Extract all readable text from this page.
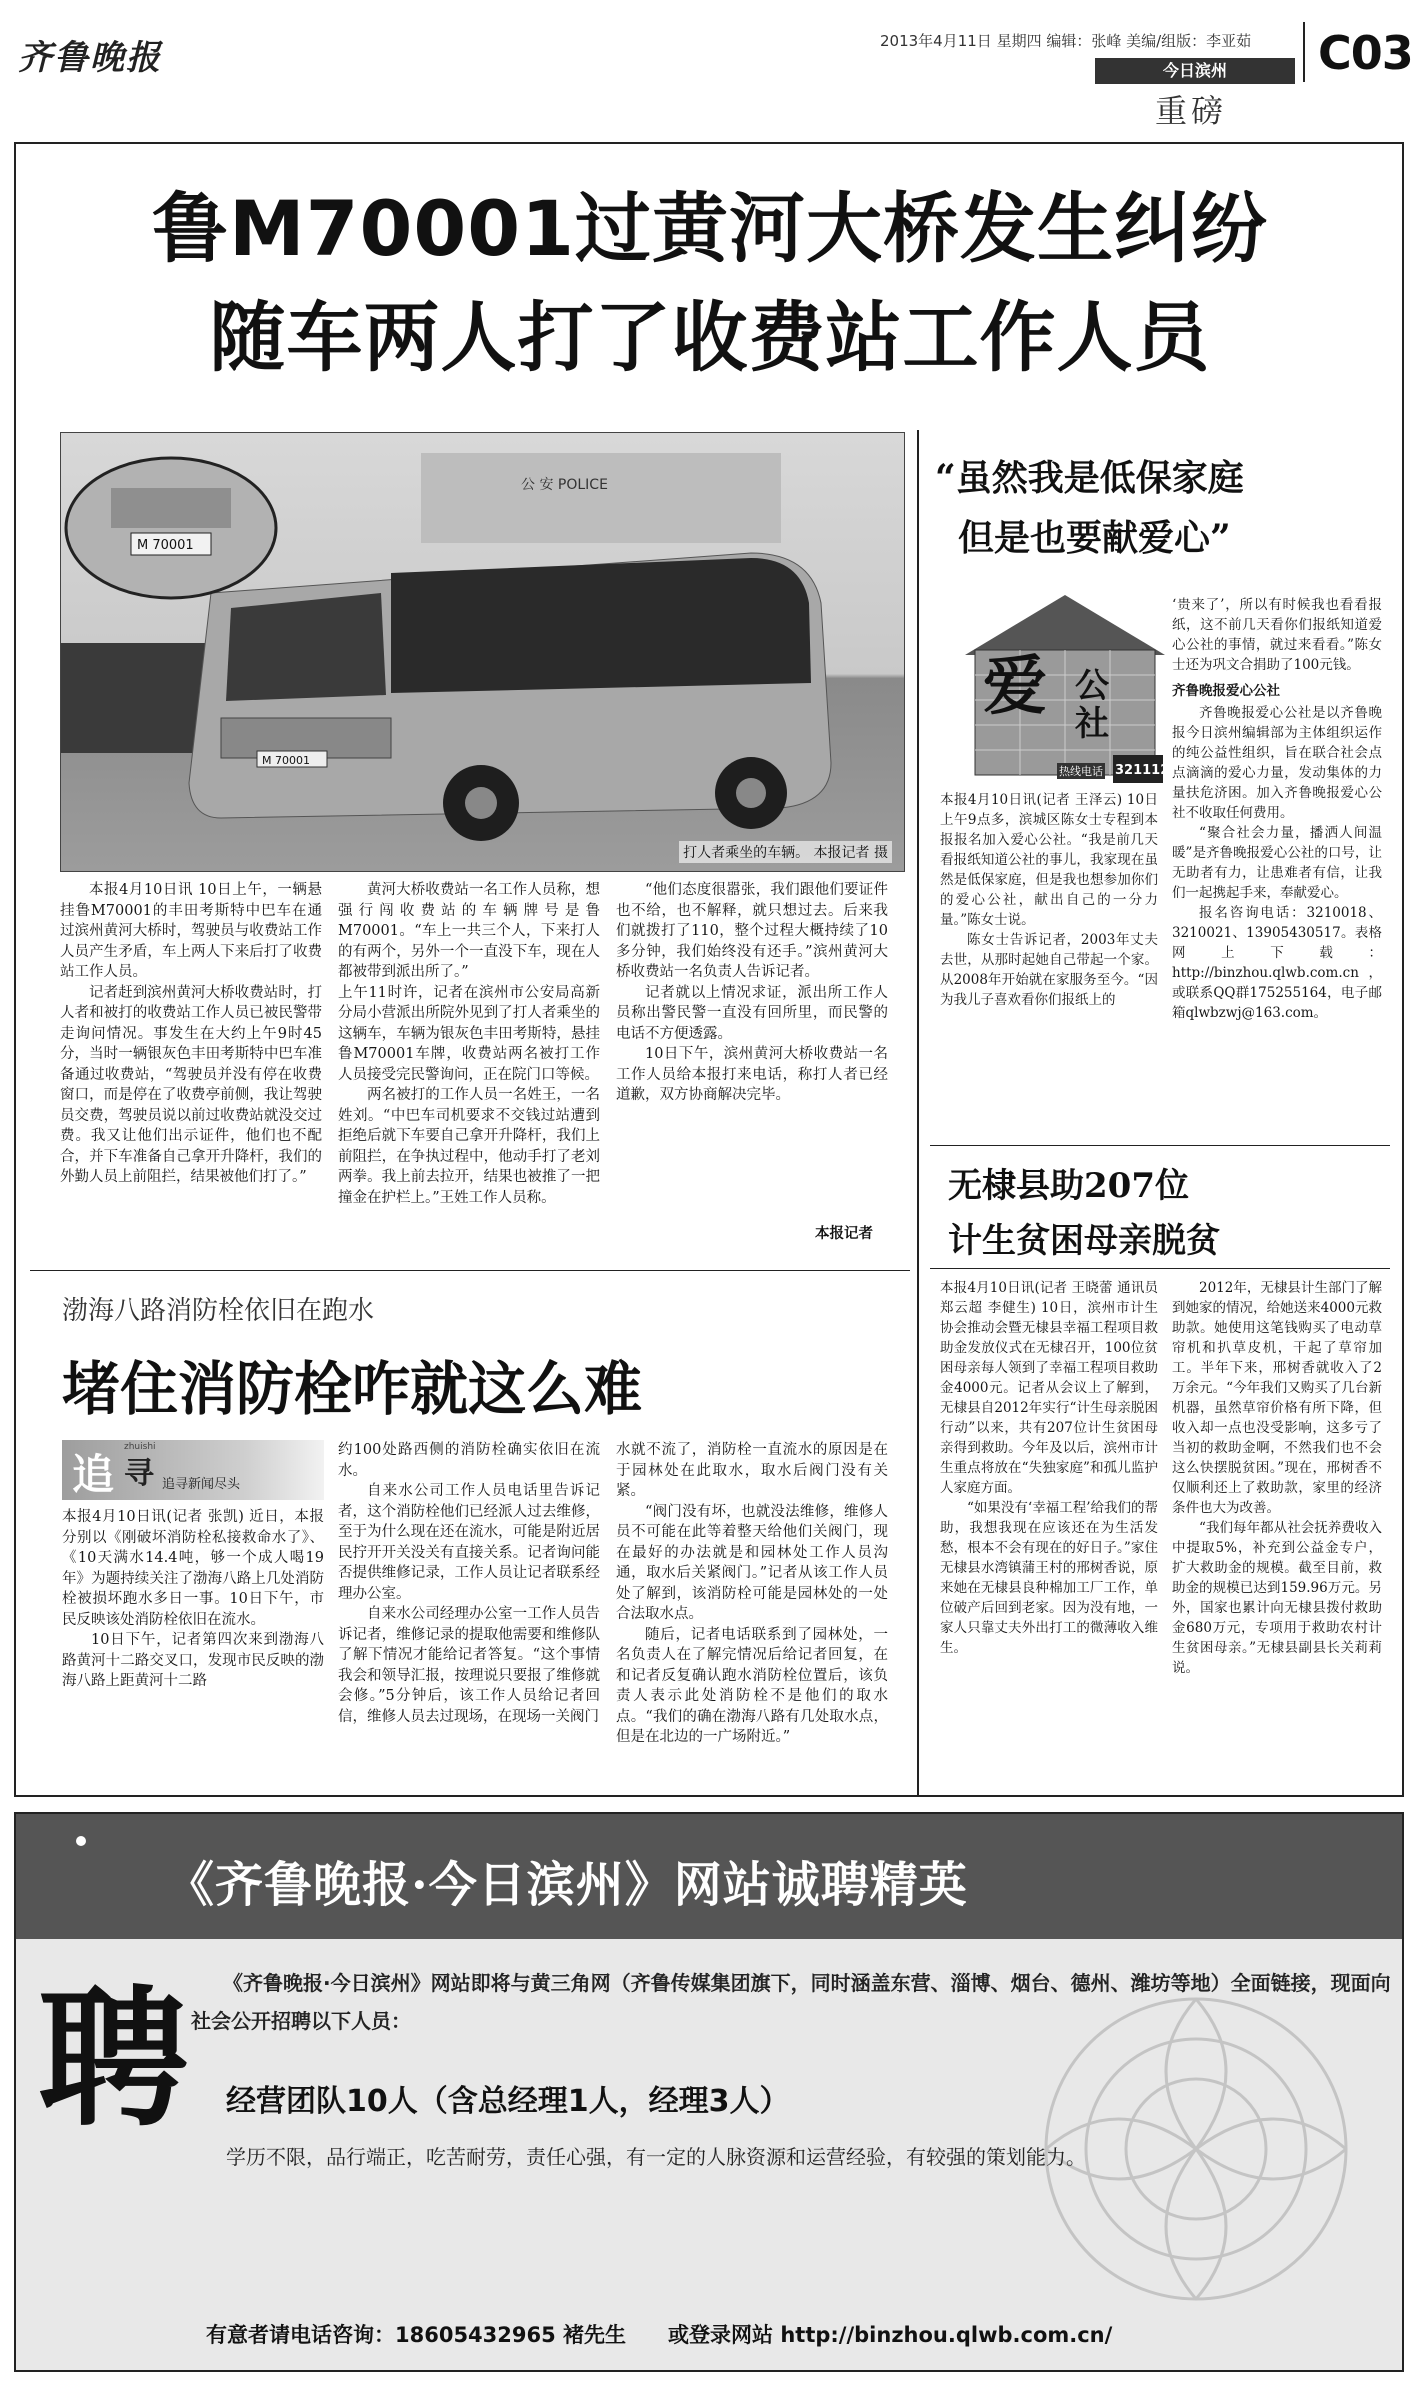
齐鲁晚报	2013年4月11日 星期四 编辑：张峰 美编/组版：李亚茹
今日滨州
重磅
C03
鲁M70001过黄河大桥发生纠纷
随车两人打了收费站工作人员
公 安 POLICE
M 70001
M 70001
打人者乘坐的车辆。 本报记者 摄

本报4月10日讯 10日上午，一辆悬挂鲁M70001的丰田考斯特中巴车在通过滨州黄河大桥时，驾驶员与收费站工作人员产生矛盾，车上两人下来后打了收费站工作人员。

记者赶到滨州黄河大桥收费站时，打人者和被打的收费站工作人员已被民警带走询问情况。事发生在大约上午9时45分，当时一辆银灰色丰田考斯特中巴车准备通过收费站，“驾驶员并没有停在收费窗口，而是停在了收费亭前侧，我让驾驶员交费，驾驶员说以前过收费站就没交过费。我又让他们出示证件，他们也不配合，并下车准备自己拿开升降杆，我们的外勤人员上前阻拦，结果被他们打了。”

黄河大桥收费站一名工作人员称，想强行闯收费站的车辆牌号是鲁M70001。“车上一共三个人，下来打人的有两个，另外一个一直没下车，现在人都被带到派出所了。”

上午11时许，记者在滨州市公安局高新分局小营派出所院外见到了打人者乘坐的这辆车，车辆为银灰色丰田考斯特，悬挂鲁M70001车牌，收费站两名被打工作人员接受完民警询问，正在院门口等候。

两名被打的工作人员一名姓王，一名姓刘。“中巴车司机要求不交钱过站遭到拒绝后就下车要自己拿开升降杆，我们上前阻拦，在争执过程中，他动手打了老刘两拳。我上前去拉开，结果也被推了一把撞金在护栏上。”王姓工作人员称。

“他们态度很嚣张，我们跟他们要证件也不给，也不解释，就只想过去。后来我们就拨打了110，整个过程大概持续了10多分钟，我们始终没有还手。”滨州黄河大桥收费站一名负责人告诉记者。

记者就以上情况求证，派出所工作人员称出警民警一直没有回所里，而民警的电话不方便透露。

10日下午，滨州黄河大桥收费站一名工作人员给本报打来电话，称打人者已经道歉，双方协商解决完毕。

本报记者
“虽然我是低保家庭
但是也要献爱心”
爱 公社
热线电话 3211123

本报4月10日讯(记者 王泽云) 10日上午9点多，滨城区陈女士专程到本报报名加入爱心公社。“我是前几天看报纸知道公社的事儿，我家现在虽然是低保家庭，但是我也想参加你们的爱心公社，献出自己的一分力量。”陈女士说。

陈女士告诉记者，2003年丈夫去世，从那时起她自己带起一个家。从2008年开始就在家服务至今。“因为我儿子喜欢看你们报纸上的

‘贵来了’，所以有时候我也看看报纸，这不前几天看你们报纸知道爱心公社的事情，就过来看看。”陈女士还为巩文合捐助了100元钱。

齐鲁晚报爱心公社

齐鲁晚报爱心公社是以齐鲁晚报今日滨州编辑部为主体组织运作的纯公益性组织，旨在联合社会点点滴滴的爱心力量，发动集体的力量扶危济困。加入齐鲁晚报爱心公社不收取任何费用。

“聚合社会力量，播洒人间温暖”是齐鲁晚报爱心公社的口号，让无助者有力，让患难者有信，让我们一起携起手来，奉献爱心。

报名咨询电话：3210018、3210021、13905430517。表格网上下载：http://binzhou.qlwb.com.cn，或联系QQ群175255164，电子邮箱qlwbzwj@163.com。

无棣县助207位
计生贫困母亲脱贫

本报4月10日讯(记者 王晓蕾 通讯员 郑云超 李健生) 10日，滨州市计生协会推动会暨无棣县幸福工程项目救助金发放仪式在无棣召开，100位贫困母亲每人领到了幸福工程项目救助金4000元。记者从会议上了解到，无棣县自2012年实行“计生母亲脱困行动”以来，共有207位计生贫困母亲得到救助。今年及以后，滨州市计生重点将放在“失独家庭”和孤儿监护人家庭方面。

“如果没有‘幸福工程’给我们的帮助，我想我现在应该还在为生活发愁，根本不会有现在的好日子。”家住无棣县水湾镇蒲王村的邢树香说，原来她在无棣县良种棉加工厂工作，单位破产后回到老家。因为没有地，一家人只靠丈夫外出打工的微薄收入维生。

2012年，无棣县计生部门了解到她家的情况，给她送来4000元救助款。她使用这笔钱购买了电动草帘机和扒草皮机，干起了草帘加工。半年下来，邢树香就收入了2万余元。“今年我们又购买了几台新机器，虽然草帘价格有所下降，但收入却一点也没受影响，这多亏了当初的救助金啊，不然我们也不会这么快摆脱贫困。”现在，邢树香不仅顺利还上了救助款，家里的经济条件也大为改善。

“我们每年都从社会抚养费收入中提取5%，补充到公益金专户，扩大救助金的规模。截至目前，救助金的规模已达到159.96万元。另外，国家也累计向无棣县拨付救助金680万元，专项用于救助农村计生贫困母亲。”无棣县副县长关莉莉说。

渤海八路消防栓依旧在跑水
堵住消防栓咋就这么难
追 寻
zhuishi
追寻新闻尽头

本报4月10日讯(记者 张凯) 近日，本报分别以《刚破坏消防栓私接救命水了》、《10天满水14.4吨，够一个成人喝19年》为题持续关注了渤海八路上几处消防栓被损坏跑水多日一事。10日下午，市民反映该处消防栓依旧在流水。

10日下午，记者第四次来到渤海八路黄河十二路交叉口，发现市民反映的渤海八路上距黄河十二路

约100处路西侧的消防栓确实依旧在流水。

自来水公司工作人员电话里告诉记者，这个消防栓他们已经派人过去维修，至于为什么现在还在流水，可能是附近居民拧开开关没关有直接关系。记者询问能否提供维修记录，工作人员让记者联系经理办公室。

自来水公司经理办公室一工作人员告诉记者，维修记录的提取他需要和维修队了解下情况才能给记者答复。“这个事情我会和领导汇报，按理说只要报了维修就会修。”5分钟后，该工作人员给记者回信，维修人员去过现场，在现场一关阀门

水就不流了，消防栓一直流水的原因是在于园林处在此取水，取水后阀门没有关紧。

“阀门没有坏，也就没法维修，维修人员不可能在此等着整天给他们关阀门，现在最好的办法就是和园林处工作人员沟通，取水后关紧阀门。”记者从该工作人员处了解到，该消防栓可能是园林处的一处合法取水点。

随后，记者电话联系到了园林处，一名负责人在了解完情况后给记者回复，在和记者反复确认跑水消防栓位置后，该负责人表示此处消防栓不是他们的取水点。“我们的确在渤海八路有几处取水点，但是在北边的一广场附近。”

《齐鲁晚报·今日滨州》网站诚聘精英
聘	《齐鲁晚报·今日滨州》网站即将与黄三角网（齐鲁传媒集团旗下，同时涵盖东营、淄博、烟台、德州、潍坊等地）全面链接，现面向社会公开招聘以下人员：
经营团队10人（含总经理1人，经理3人）
学历不限，品行端正，吃苦耐劳，责任心强，有一定的人脉资源和运营经验，有较强的策划能力。
有意者请电话咨询：18605432965 褚先生　　或登录网站 http://binzhou.qlwb.com.cn/
